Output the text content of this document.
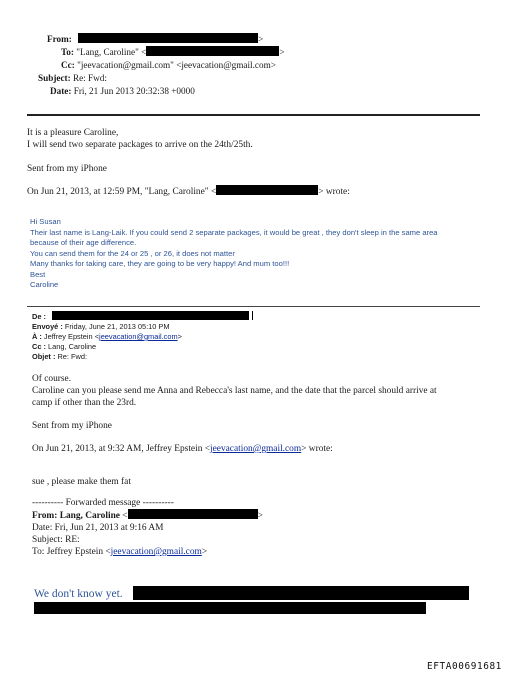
From:	>
To: "Lang, Caroline" <	>
Cc: "jeevacation@gmail.com" <jeevacation@gmail.com>
Subject: Re: Fwd:
Date: Fri, 21 Jun 2013 20:32:38 +0000
It is a pleasure Caroline,
I will send two separate packages to arrive on the 24th/25th.
Sent from my iPhone
On Jun 21, 2013, at 12:59 PM, "Lang, Caroline" <	> wrote:
Hi Susan
Their last name is Lang-Laik. If you could send 2 separate packages, it would be great , they don't sleep in the same area
because of their age difference.
You can send them for the 24 or 25 , or 26, it does not matter
Many thanks for taking care, they are going to be very happy! And mum too!!!
Best
Caroline
De :
Envoyé : Friday, June 21, 2013 05:10 PM
À : Jeffrey Epstein <jeevacation@gmail.com>
Cc : Lang, Caroline
Objet : Re: Fwd:
Of course.
Caroline can you please send me Anna and Rebecca's last name, and the date that the parcel should arrive at
camp if other than the 23rd.
Sent from my iPhone
On Jun 21, 2013, at 9:32 AM, Jeffrey Epstein <jeevacation@gmail.com> wrote:
sue , please make them fat
---------- Forwarded message ----------
From: Lang, Caroline <	>
Date: Fri, Jun 21, 2013 at 9:16 AM
Subject: RE:
To: Jeffrey Epstein <jeevacation@gmail.com>
We don't know yet.
EFTA00691681
